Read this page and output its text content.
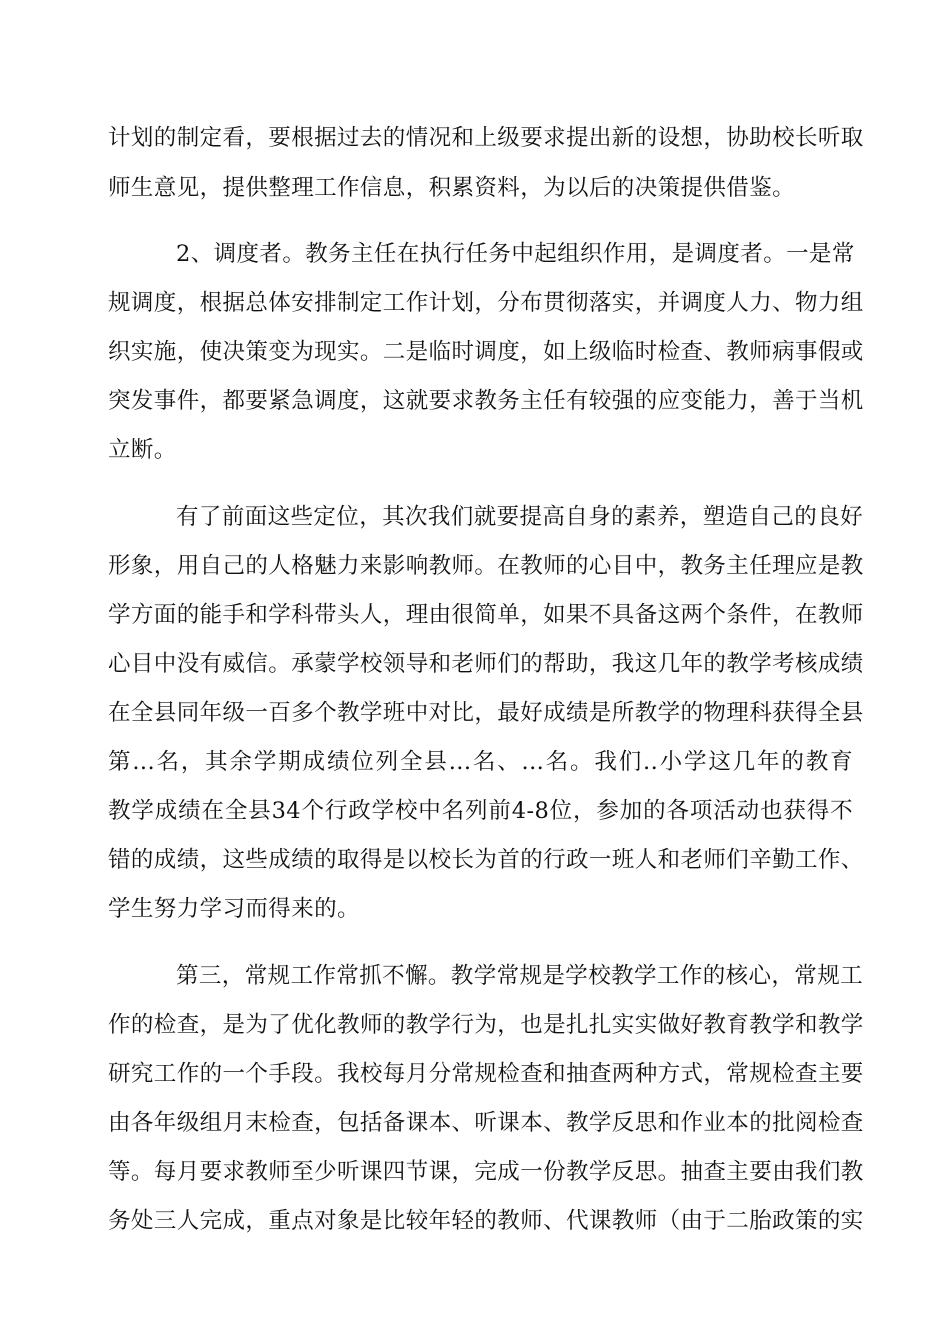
计划的制定看，要根据过去的情况和上级要求提出新的设想，协助校长听取
师生意见，提供整理工作信息，积累资料，为以后的决策提供借鉴。
2、调度者。教务主任在执行任务中起组织作用，是调度者。一是常
规调度，根据总体安排制定工作计划，分布贯彻落实，并调度人力、物力组
织实施，使决策变为现实。二是临时调度，如上级临时检查、教师病事假或
突发事件，都要紧急调度，这就要求教务主任有较强的应变能力，善于当机
立断。
有了前面这些定位，其次我们就要提高自身的素养，塑造自己的良好
形象，用自己的人格魅力来影响教师。在教师的心目中，教务主任理应是教
学方面的能手和学科带头人，理由很简单，如果不具备这两个条件，在教师
心目中没有威信。承蒙学校领导和老师们的帮助，我这几年的教学考核成绩
在全县同年级一百多个教学班中对比，最好成绩是所教学的物理科获得全县
第...名，其余学期成绩位列全县...名、...名。我们..小学这几年的教育
教学成绩在全县34个行政学校中名列前4-8位，参加的各项活动也获得不
错的成绩，这些成绩的取得是以校长为首的行政一班人和老师们辛勤工作、
学生努力学习而得来的。
第三，常规工作常抓不懈。教学常规是学校教学工作的核心，常规工
作的检查，是为了优化教师的教学行为，也是扎扎实实做好教育教学和教学
研究工作的一个手段。我校每月分常规检查和抽查两种方式，常规检查主要
由各年级组月末检查，包括备课本、听课本、教学反思和作业本的批阅检查
等。每月要求教师至少听课四节课，完成一份教学反思。抽查主要由我们教
务处三人完成，重点对象是比较年轻的教师、代课教师（由于二胎政策的实
